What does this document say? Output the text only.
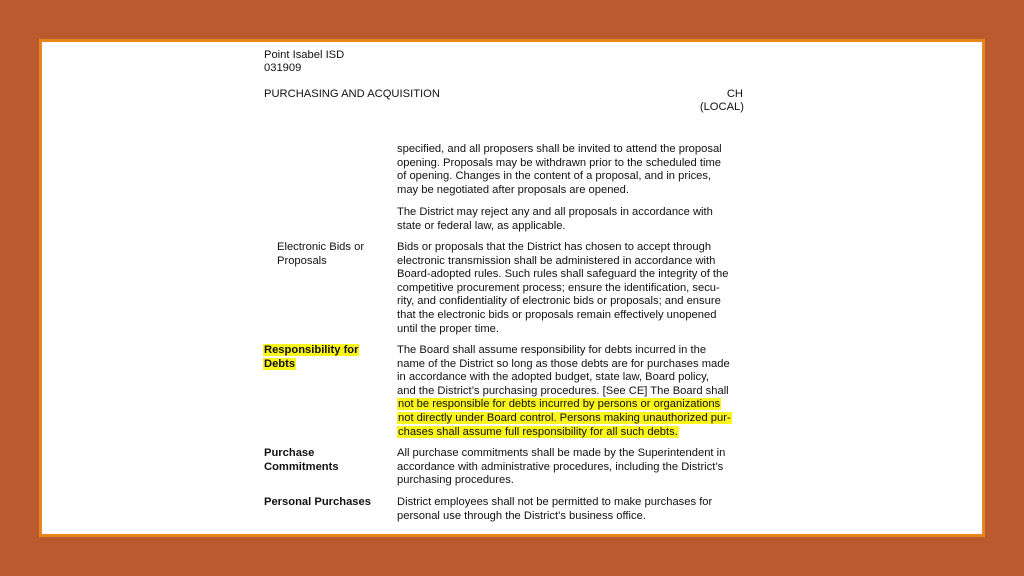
Point Isabel ISD
031909
PURCHASING AND ACQUISITION	CH
(LOCAL)
specified, and all proposers shall be invited to attend the proposal
opening. Proposals may be withdrawn prior to the scheduled time
of opening. Changes in the content of a proposal, and in prices,
may be negotiated after proposals are opened.
The District may reject any and all proposals in accordance with
state or federal law, as applicable.
Electronic Bids or
Proposals
Bids or proposals that the District has chosen to accept through
electronic transmission shall be administered in accordance with
Board-adopted rules. Such rules shall safeguard the integrity of the
competitive procurement process; ensure the identification, secu-
rity, and confidentiality of electronic bids or proposals; and ensure
that the electronic bids or proposals remain effectively unopened
until the proper time.
Responsibility for
Debts
The Board shall assume responsibility for debts incurred in the
name of the District so long as those debts are for purchases made
in accordance with the adopted budget, state law, Board policy,
and the District’s purchasing procedures. [See CE] The Board shall
not be responsible for debts incurred by persons or organizations
not directly under Board control. Persons making unauthorized pur-
chases shall assume full responsibility for all such debts.
Purchase
Commitments
All purchase commitments shall be made by the Superintendent in
accordance with administrative procedures, including the District’s
purchasing procedures.
Personal Purchases District employees shall not be permitted to make purchases for
personal use through the District’s business office.
